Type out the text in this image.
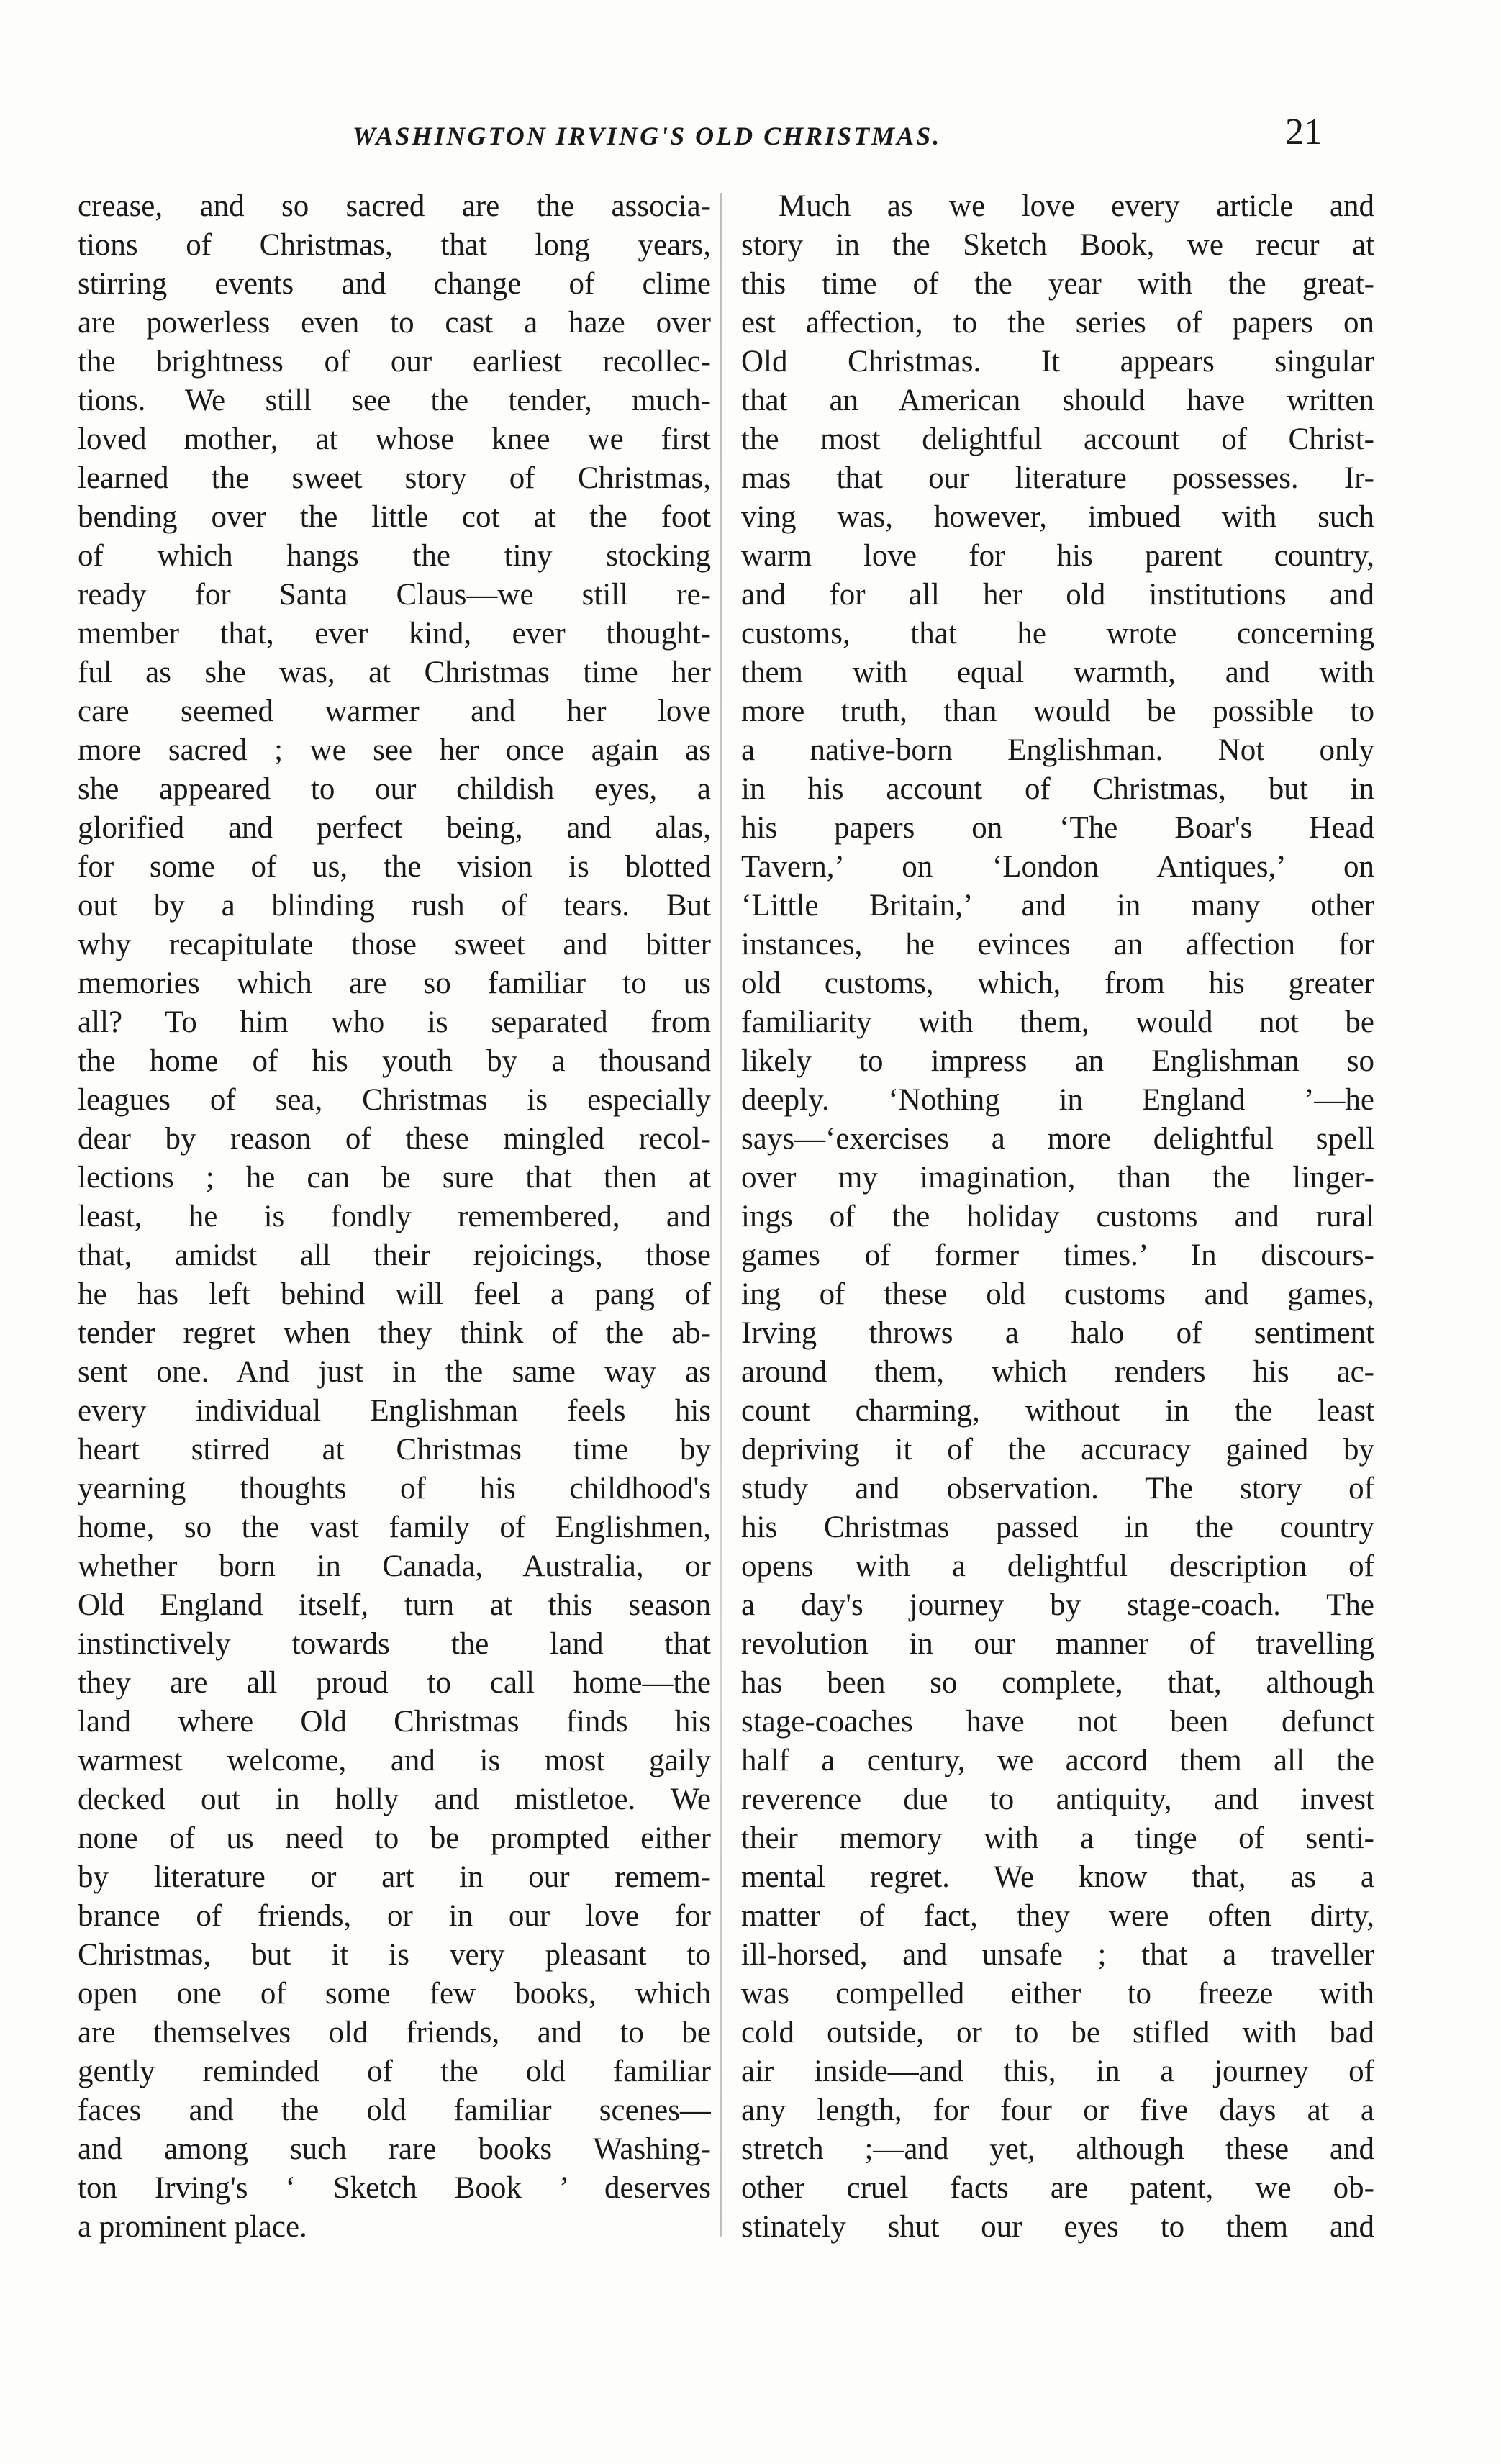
WASHINGTON IRVING'S OLD CHRISTMAS.	21
crease, and so sacred are the associa-
tions of Christmas, that long years,
stirring events and change of clime
are powerless even to cast a haze over
the brightness of our earliest recollec-
tions. We still see the tender, much-
loved mother, at whose knee we first
learned the sweet story of Christmas,
bending over the little cot at the foot
of which hangs the tiny stocking
ready for Santa Claus—we still re-
member that, ever kind, ever thought-
ful as she was, at Christmas time her
care seemed warmer and her love
more sacred ; we see her once again as
she appeared to our childish eyes, a
glorified and perfect being, and alas,
for some of us, the vision is blotted
out by a blinding rush of tears. But
why recapitulate those sweet and bitter
memories which are so familiar to us
all? To him who is separated from
the home of his youth by a thousand
leagues of sea, Christmas is especially
dear by reason of these mingled recol-
lections ; he can be sure that then at
least, he is fondly remembered, and
that, amidst all their rejoicings, those
he has left behind will feel a pang of
tender regret when they think of the ab-
sent one. And just in the same way as
every individual Englishman feels his
heart stirred at Christmas time by
yearning thoughts of his childhood's
home, so the vast family of Englishmen,
whether born in Canada, Australia, or
Old England itself, turn at this season
instinctively towards the land that
they are all proud to call home—the
land where Old Christmas finds his
warmest welcome, and is most gaily
decked out in holly and mistletoe. We
none of us need to be prompted either
by literature or art in our remem-
brance of friends, or in our love for
Christmas, but it is very pleasant to
open one of some few books, which
are themselves old friends, and to be
gently reminded of the old familiar
faces and the old familiar scenes—
and among such rare books Washing-
ton Irving's ‘ Sketch Book ’ deserves
a prominent place.
Much as we love every article and
story in the Sketch Book, we recur at
this time of the year with the great-
est affection, to the series of papers on
Old Christmas. It appears singular
that an American should have written
the most delightful account of Christ-
mas that our literature possesses. Ir-
ving was, however, imbued with such
warm love for his parent country,
and for all her old institutions and
customs, that he wrote concerning
them with equal warmth, and with
more truth, than would be possible to
a native-born Englishman. Not only
in his account of Christmas, but in
his papers on ‘The Boar's Head
Tavern,’ on ‘London Antiques,’ on
‘Little Britain,’ and in many other
instances, he evinces an affection for
old customs, which, from his greater
familiarity with them, would not be
likely to impress an Englishman so
deeply. ‘Nothing in England ’—he
says—‘exercises a more delightful spell
over my imagination, than the linger-
ings of the holiday customs and rural
games of former times.’ In discours-
ing of these old customs and games,
Irving throws a halo of sentiment
around them, which renders his ac-
count charming, without in the least
depriving it of the accuracy gained by
study and observation. The story of
his Christmas passed in the country
opens with a delightful description of
a day's journey by stage-coach. The
revolution in our manner of travelling
has been so complete, that, although
stage-coaches have not been defunct
half a century, we accord them all the
reverence due to antiquity, and invest
their memory with a tinge of senti-
mental regret. We know that, as a
matter of fact, they were often dirty,
ill-horsed, and unsafe ; that a traveller
was compelled either to freeze with
cold outside, or to be stifled with bad
air inside—and this, in a journey of
any length, for four or five days at a
stretch ;—and yet, although these and
other cruel facts are patent, we ob-
stinately shut our eyes to them and
